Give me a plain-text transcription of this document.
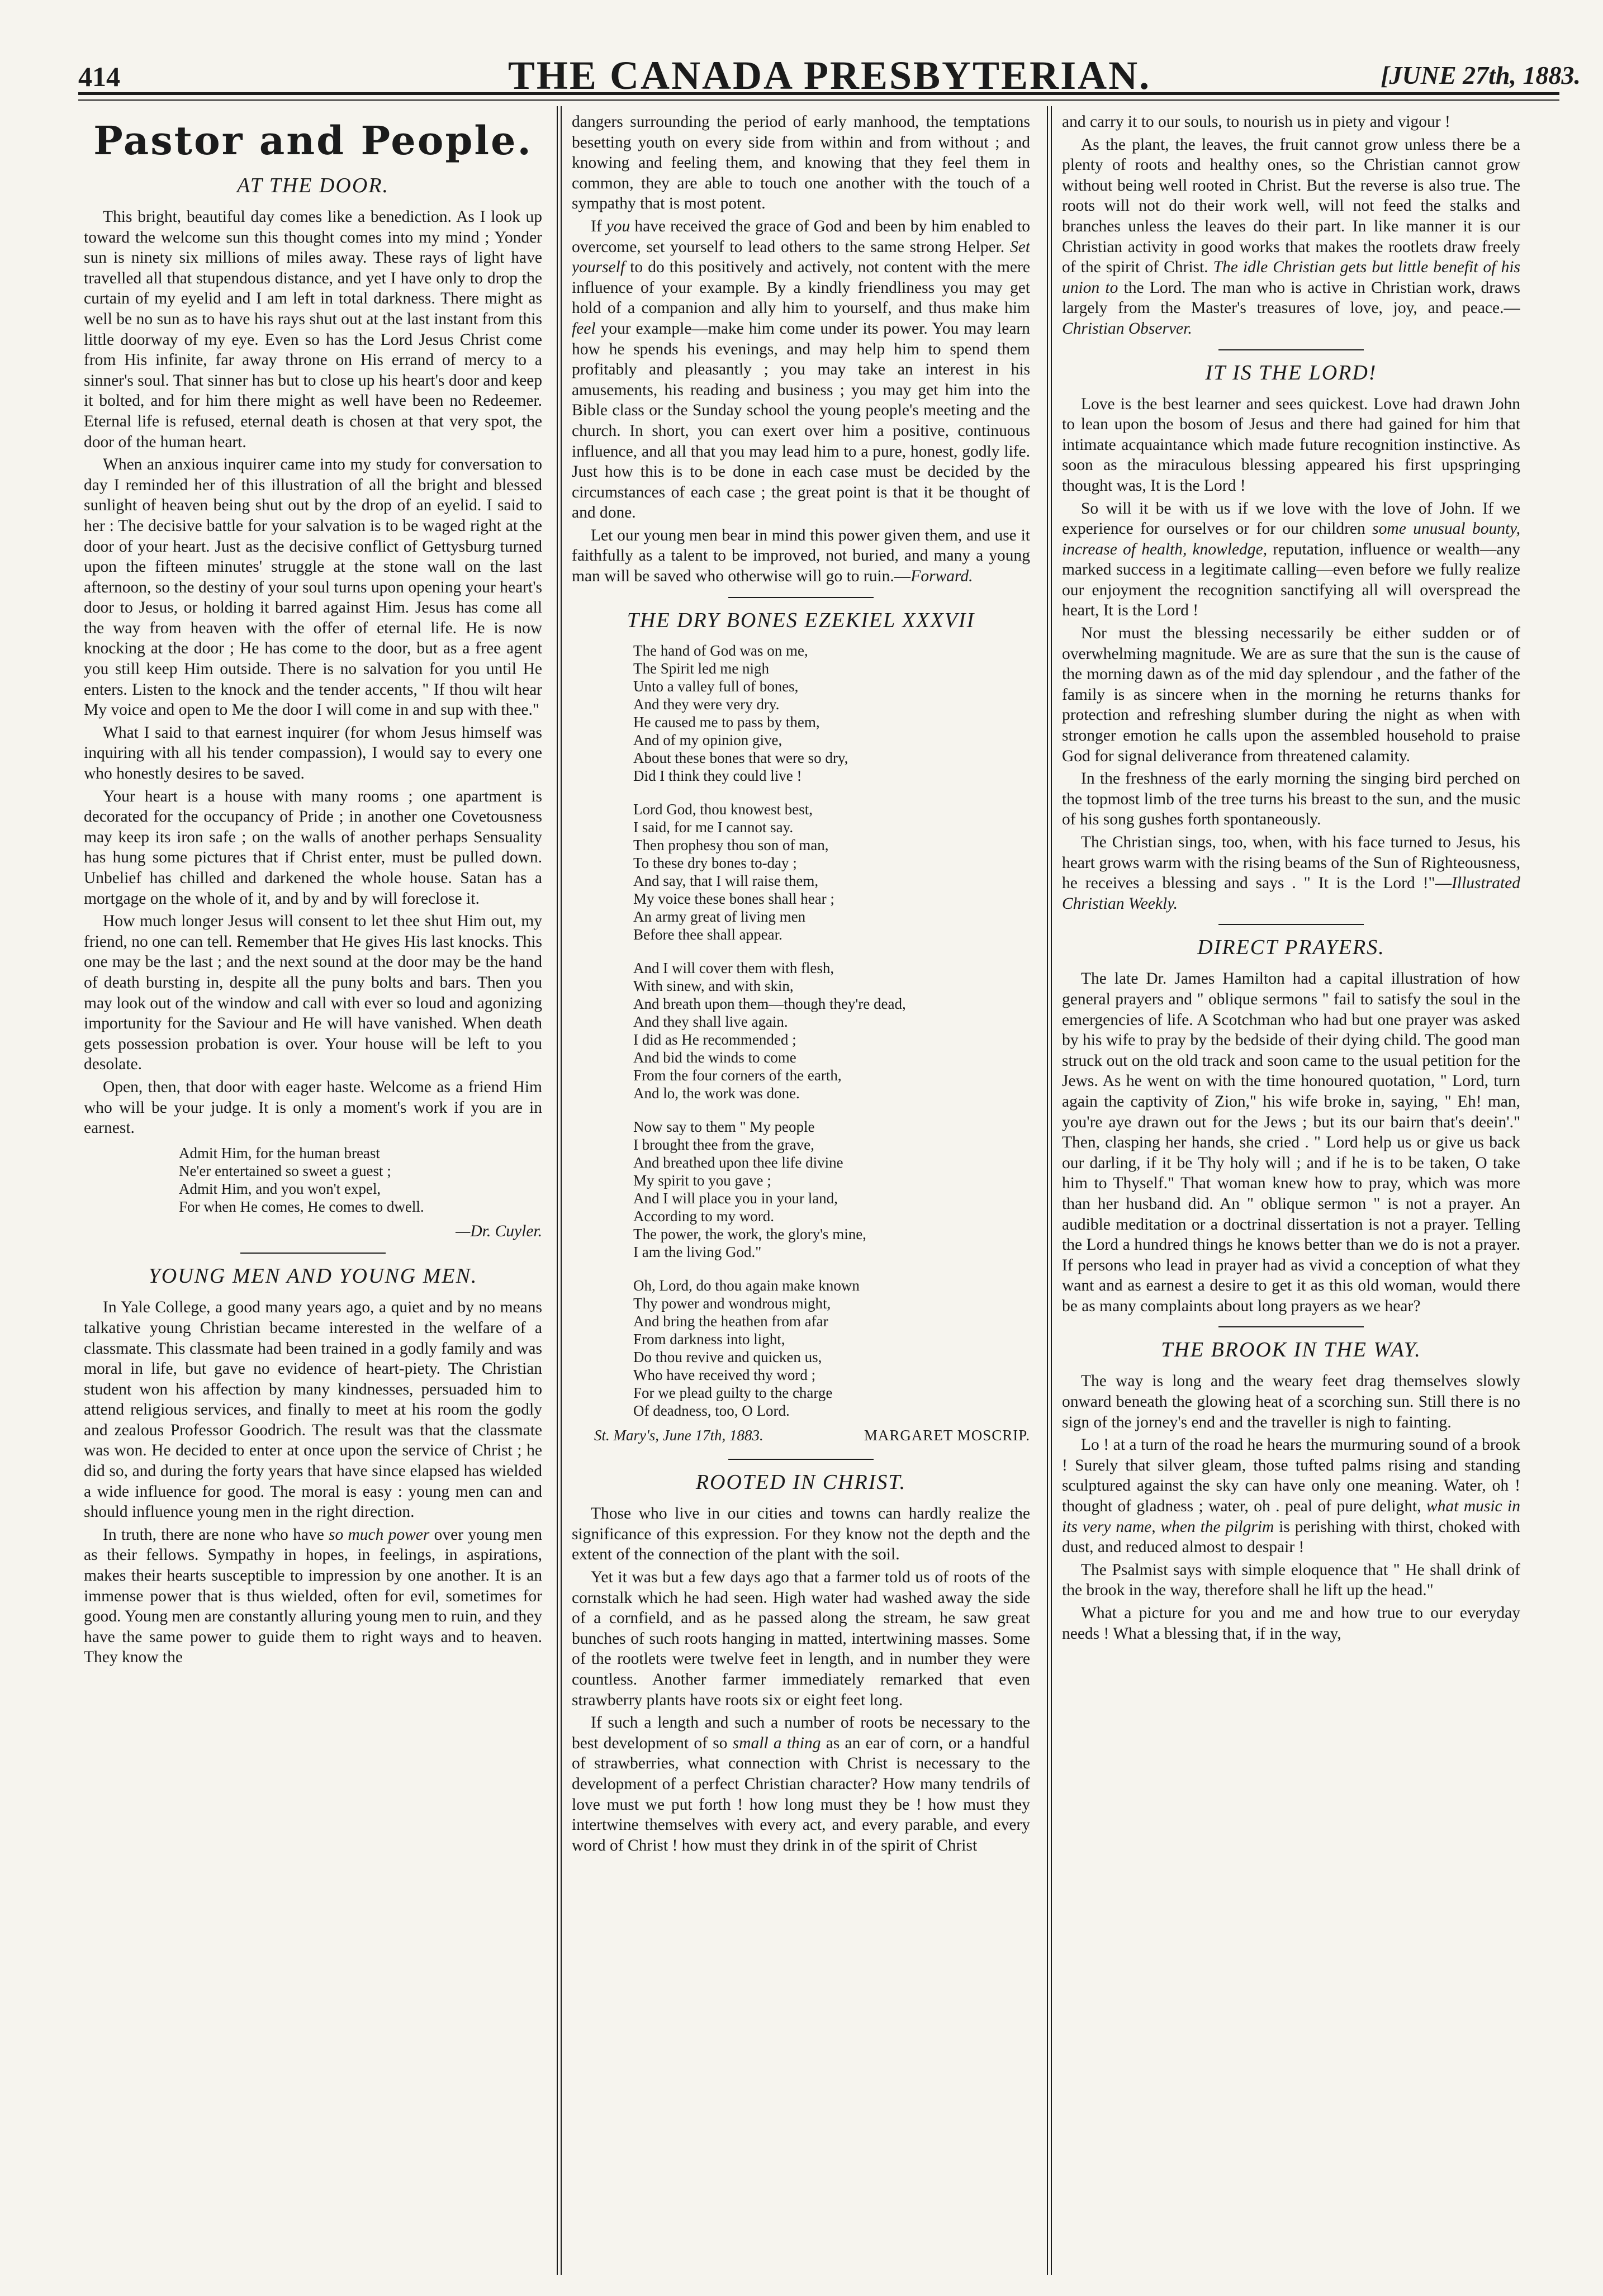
414	THE CANADA PRESBYTERIAN.	[JUNE 27th, 1883.
Pastor and People.
AT THE DOOR.

This bright, beautiful day comes like a benediction. As I look up toward the welcome sun this thought comes into my mind ; Yonder sun is ninety six millions of miles away. These rays of light have travelled all that stupendous distance, and yet I have only to drop the curtain of my eyelid and I am left in total darkness. There might as well be no sun as to have his rays shut out at the last instant from this little doorway of my eye. Even so has the Lord Jesus Christ come from His infinite, far away throne on His errand of mercy to a sinner's soul. That sinner has but to close up his heart's door and keep it bolted, and for him there might as well have been no Redeemer. Eternal life is refused, eternal death is chosen at that very spot, the door of the human heart.

When an anxious inquirer came into my study for conversation to day I reminded her of this illustration of all the bright and blessed sunlight of heaven being shut out by the drop of an eyelid. I said to her : The decisive battle for your salvation is to be waged right at the door of your heart. Just as the decisive conflict of Gettysburg turned upon the fifteen minutes' struggle at the stone wall on the last afternoon, so the destiny of your soul turns upon opening your heart's door to Jesus, or holding it barred against Him. Jesus has come all the way from heaven with the offer of eternal life. He is now knocking at the door ; He has come to the door, but as a free agent you still keep Him outside. There is no salvation for you until He enters. Listen to the knock and the tender accents, " If thou wilt hear My voice and open to Me the door I will come in and sup with thee."

What I said to that earnest inquirer (for whom Jesus himself was inquiring with all his tender compassion), I would say to every one who honestly desires to be saved.

Your heart is a house with many rooms ; one apartment is decorated for the occupancy of Pride ; in another one Covetousness may keep its iron safe ; on the walls of another perhaps Sensuality has hung some pictures that if Christ enter, must be pulled down. Unbelief has chilled and darkened the whole house. Satan has a mortgage on the whole of it, and by and by will foreclose it.

How much longer Jesus will consent to let thee shut Him out, my friend, no one can tell. Remember that He gives His last knocks. This one may be the last ; and the next sound at the door may be the hand of death bursting in, despite all the puny bolts and bars. Then you may look out of the window and call with ever so loud and agonizing importunity for the Saviour and He will have vanished. When death gets possession probation is over. Your house will be left to you desolate.

Open, then, that door with eager haste. Welcome as a friend Him who will be your judge. It is only a moment's work if you are in earnest.

Admit Him, for the human breast
Ne'er entertained so sweet a guest ;
Admit Him, and you won't expel,
For when He comes, He comes to dwell.
—Dr. Cuyler.
YOUNG MEN AND YOUNG MEN.

In Yale College, a good many years ago, a quiet and by no means talkative young Christian became interested in the welfare of a classmate. This classmate had been trained in a godly family and was moral in life, but gave no evidence of heart-piety. The Christian student won his affection by many kindnesses, persuaded him to attend religious services, and finally to meet at his room the godly and zealous Professor Goodrich. The result was that the classmate was won. He decided to enter at once upon the service of Christ ; he did so, and during the forty years that have since elapsed has wielded a wide influence for good. The moral is easy : young men can and should influence young men in the right direction.

In truth, there are none who have so much power over young men as their fellows. Sympathy in hopes, in feelings, in aspirations, makes their hearts susceptible to impression by one another. It is an immense power that is thus wielded, often for evil, sometimes for good. Young men are constantly alluring young men to ruin, and they have the same power to guide them to right ways and to heaven. They know the

dangers surrounding the period of early manhood, the temptations besetting youth on every side from within and from without ; and knowing and feeling them, and knowing that they feel them in common, they are able to touch one another with the touch of a sympathy that is most potent.

If you have received the grace of God and been by him enabled to overcome, set yourself to lead others to the same strong Helper. Set yourself to do this positively and actively, not content with the mere influence of your example. By a kindly friendliness you may get hold of a companion and ally him to yourself, and thus make him feel your example—make him come under its power. You may learn how he spends his evenings, and may help him to spend them profitably and pleasantly ; you may take an interest in his amusements, his reading and business ; you may get him into the Bible class or the Sunday school the young people's meeting and the church. In short, you can exert over him a positive, continuous influence, and all that you may lead him to a pure, honest, godly life. Just how this is to be done in each case must be decided by the circumstances of each case ; the great point is that it be thought of and done.

Let our young men bear in mind this power given them, and use it faithfully as a talent to be improved, not buried, and many a young man will be saved who otherwise will go to ruin.—Forward.

THE DRY BONES EZEKIEL XXXVII
The hand of God was on me,
The Spirit led me nigh
Unto a valley full of bones,
And they were very dry.
He caused me to pass by them,
And of my opinion give,
About these bones that were so dry,
Did I think they could live !
Lord God, thou knowest best,
I said, for me I cannot say.
Then prophesy thou son of man,
To these dry bones to-day ;
And say, that I will raise them,
My voice these bones shall hear ;
An army great of living men
Before thee shall appear.
And I will cover them with flesh,
With sinew, and with skin,
And breath upon them—though they're dead,
And they shall live again.
I did as He recommended ;
And bid the winds to come
From the four corners of the earth,
And lo, the work was done.
Now say to them " My people
I brought thee from the grave,
And breathed upon thee life divine
My spirit to you gave ;
And I will place you in your land,
According to my word.
The power, the work, the glory's mine,
I am the living God."
Oh, Lord, do thou again make known
Thy power and wondrous might,
And bring the heathen from afar
From darkness into light,
Do thou revive and quicken us,
Who have received thy word ;
For we plead guilty to the charge
Of deadness, too, O Lord.
St. Mary's, June 17th, 1883.	MARGARET MOSCRIP.
ROOTED IN CHRIST.

Those who live in our cities and towns can hardly realize the significance of this expression. For they know not the depth and the extent of the connection of the plant with the soil.

Yet it was but a few days ago that a farmer told us of roots of the cornstalk which he had seen. High water had washed away the side of a cornfield, and as he passed along the stream, he saw great bunches of such roots hanging in matted, intertwining masses. Some of the rootlets were twelve feet in length, and in number they were countless. Another farmer immediately remarked that even strawberry plants have roots six or eight feet long.

If such a length and such a number of roots be necessary to the best development of so small a thing as an ear of corn, or a handful of strawberries, what connection with Christ is necessary to the development of a perfect Christian character? How many tendrils of love must we put forth ! how long must they be ! how must they intertwine themselves with every act, and every parable, and every word of Christ ! how must they drink in of the spirit of Christ

and carry it to our souls, to nourish us in piety and vigour !

As the plant, the leaves, the fruit cannot grow unless there be a plenty of roots and healthy ones, so the Christian cannot grow without being well rooted in Christ. But the reverse is also true. The roots will not do their work well, will not feed the stalks and branches unless the leaves do their part. In like manner it is our Christian activity in good works that makes the rootlets draw freely of the spirit of Christ. The idle Christian gets but little benefit of his union to the Lord. The man who is active in Christian work, draws largely from the Master's treasures of love, joy, and peace.—Christian Observer.

IT IS THE LORD!

Love is the best learner and sees quickest. Love had drawn John to lean upon the bosom of Jesus and there had gained for him that intimate acquaintance which made future recognition instinctive. As soon as the miraculous blessing appeared his first upspringing thought was, It is the Lord !

So will it be with us if we love with the love of John. If we experience for ourselves or for our children some unusual bounty, increase of health, knowledge, reputation, influence or wealth—any marked success in a legitimate calling—even before we fully realize our enjoyment the recognition sanctifying all will overspread the heart, It is the Lord !

Nor must the blessing necessarily be either sudden or of overwhelming magnitude. We are as sure that the sun is the cause of the morning dawn as of the mid day splendour , and the father of the family is as sincere when in the morning he returns thanks for protection and refreshing slumber during the night as when with stronger emotion he calls upon the assembled household to praise God for signal deliverance from threatened calamity.

In the freshness of the early morning the singing bird perched on the topmost limb of the tree turns his breast to the sun, and the music of his song gushes forth spontaneously.

The Christian sings, too, when, with his face turned to Jesus, his heart grows warm with the rising beams of the Sun of Righteousness, he receives a blessing and says . " It is the Lord !"—Illustrated Christian Weekly.

DIRECT PRAYERS.

The late Dr. James Hamilton had a capital illustration of how general prayers and " oblique sermons " fail to satisfy the soul in the emergencies of life. A Scotchman who had but one prayer was asked by his wife to pray by the bedside of their dying child. The good man struck out on the old track and soon came to the usual petition for the Jews. As he went on with the time honoured quotation, " Lord, turn again the captivity of Zion," his wife broke in, saying, " Eh! man, you're aye drawn out for the Jews ; but its our bairn that's deein'." Then, clasping her hands, she cried . " Lord help us or give us back our darling, if it be Thy holy will ; and if he is to be taken, O take him to Thyself." That woman knew how to pray, which was more than her husband did. An " oblique sermon " is not a prayer. An audible meditation or a doctrinal dissertation is not a prayer. Telling the Lord a hundred things he knows better than we do is not a prayer. If persons who lead in prayer had as vivid a conception of what they want and as earnest a desire to get it as this old woman, would there be as many complaints about long prayers as we hear?

THE BROOK IN THE WAY.

The way is long and the weary feet drag themselves slowly onward beneath the glowing heat of a scorching sun. Still there is no sign of the jorney's end and the traveller is nigh to fainting.

Lo ! at a turn of the road he hears the murmuring sound of a brook ! Surely that silver gleam, those tufted palms rising and standing sculptured against the sky can have only one meaning. Water, oh ! thought of gladness ; water, oh . peal of pure delight, what music in its very name, when the pilgrim is perishing with thirst, choked with dust, and reduced almost to despair !

The Psalmist says with simple eloquence that " He shall drink of the brook in the way, therefore shall he lift up the head."

What a picture for you and me and how true to our everyday needs ! What a blessing that, if in the way,
